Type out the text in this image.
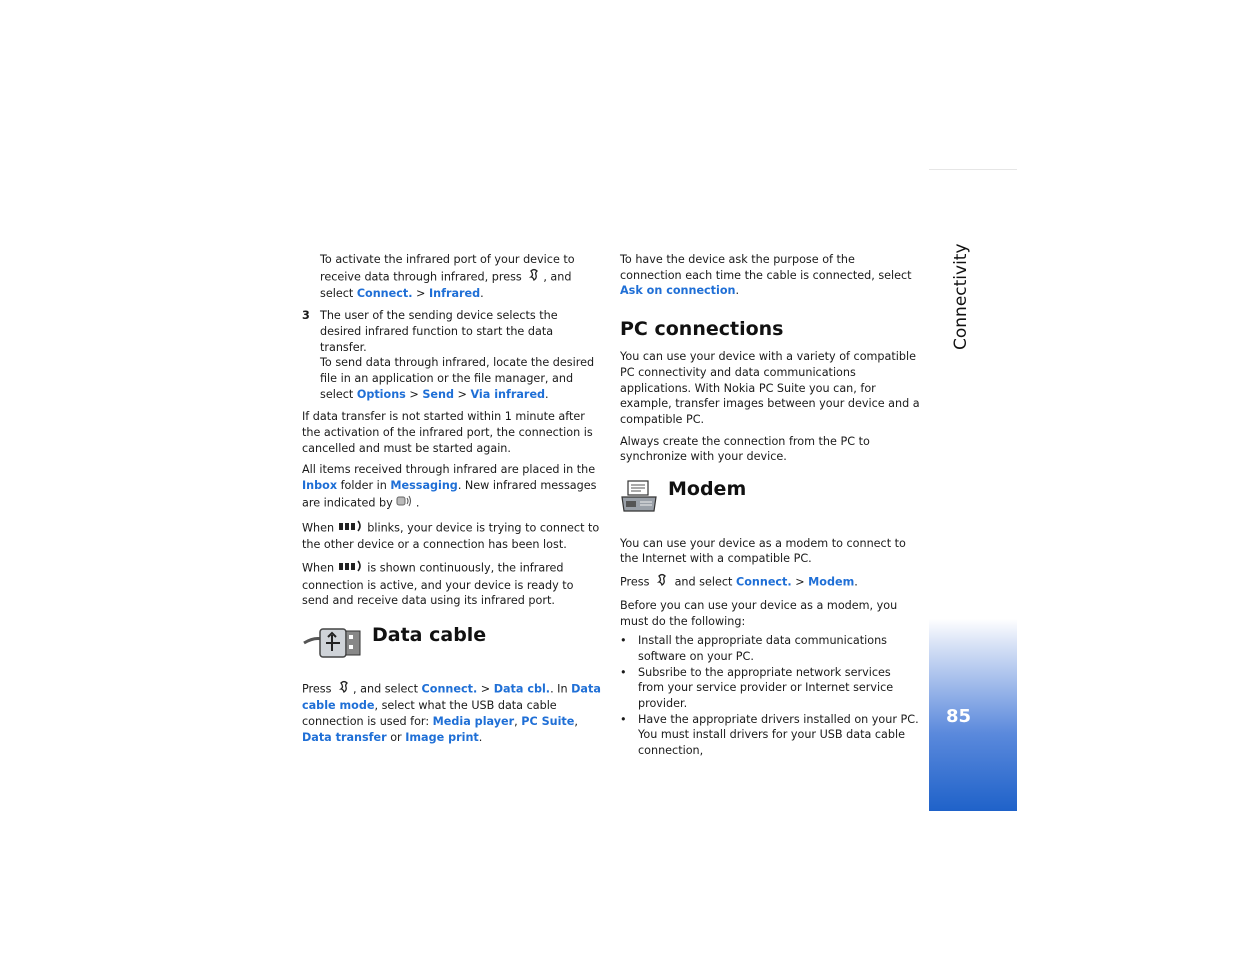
To activate the infrared port of your device to receive data through infrared, press , and select Connect. > Infrared.

3 The user of the sending device selects the desired infrared function to start the data transfer.
To send data through infrared, locate the desired file in an application or the file manager, and select Options > Send > Via infrared.

If data transfer is not started within 1 minute after the activation of the infrared port, the connection is cancelled and must be started again.

All items received through infrared are placed in the Inbox folder in Messaging. New infrared messages are indicated by .

When	blinks, your device is trying to connect to the other device or a connection has been lost.

When	is shown continuously, the infrared connection is active, and your device is ready to send and receive data using its infrared port.

Data cable

Press , and select Connect. > Data cbl.. In Data cable mode, select what the USB data cable connection is used for: Media player, PC Suite, Data transfer or Image print.

To have the device ask the purpose of the connection each time the cable is connected, select Ask on connection.

PC connections

You can use your device with a variety of compatible PC connectivity and data communications applications. With Nokia PC Suite you can, for example, transfer images between your device and a compatible PC.

Always create the connection from the PC to synchronize with your device.

Modem

You can use your device as a modem to connect to the Internet with a compatible PC.

Press and select Connect. > Modem.

Before you can use your device as a modem, you must do the following:

• Install the appropriate data communications software on your PC.
• Subsribe to the appropriate network services from your service provider or Internet service provider.
• Have the appropriate drivers installed on your PC. You must install drivers for your USB data cable connection,
Connectivity
85
